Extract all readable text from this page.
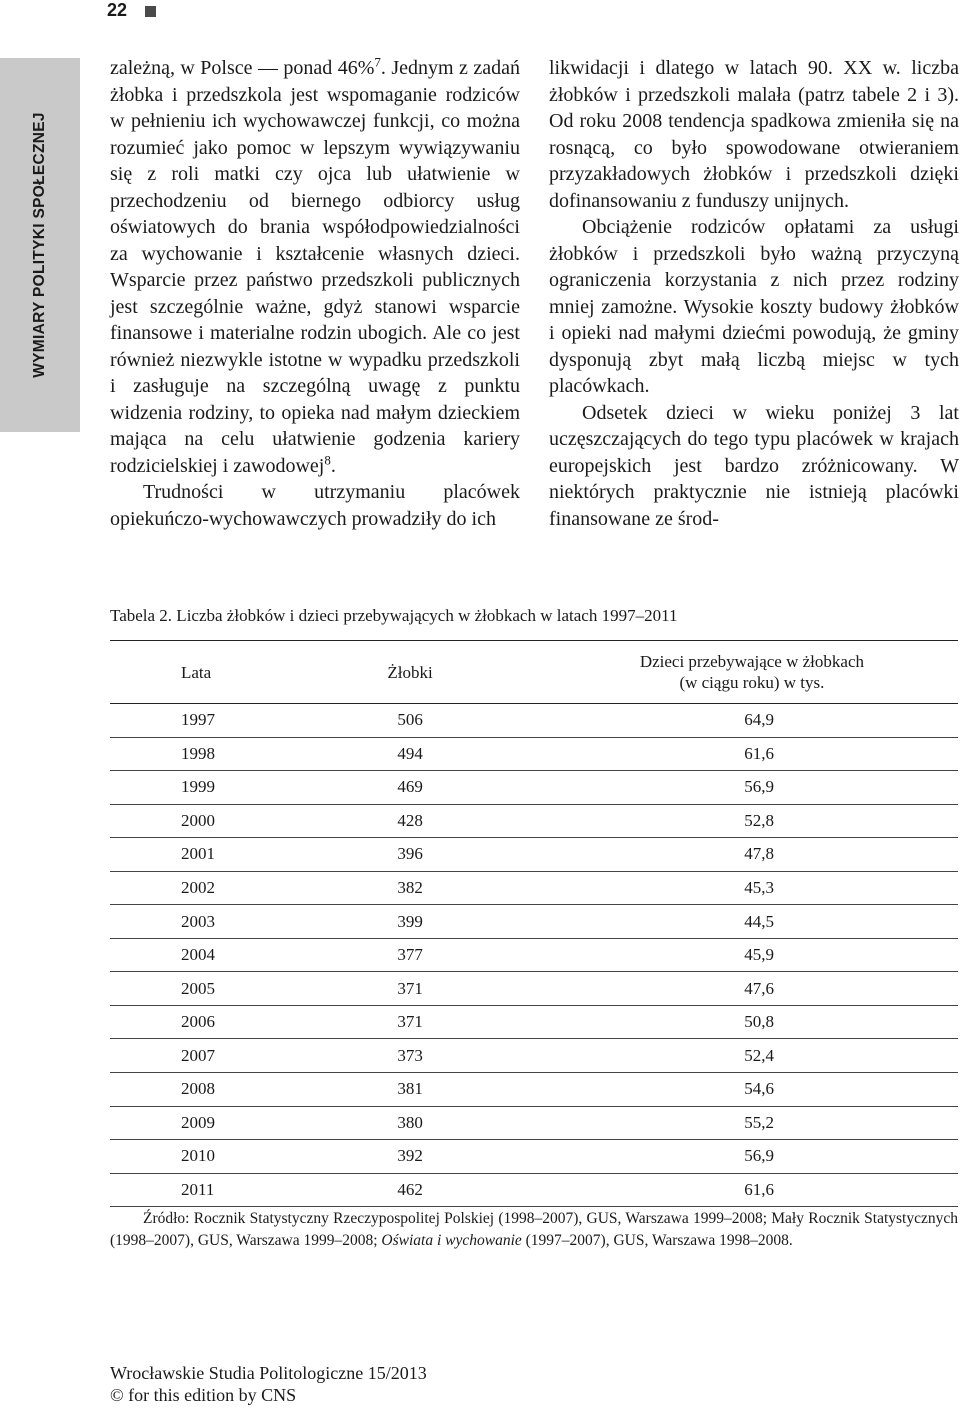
22
WYMIARY POLITYKI SPOŁECZNEJ

zależną, w Polsce — ponad 46%$^7$. Jednym z zadań żłobka i przedszkola jest wspomaganie rodziców w pełnieniu ich wychowawczej funkcji, co można rozumieć jako pomoc w lepszym wywiązywaniu się z roli matki czy ojca lub ułatwienie w przechodzeniu od biernego odbiorcy usług oświatowych do brania współodpowiedzialności za wychowanie i kształcenie własnych dzieci. Wsparcie przez państwo przedszkoli publicznych jest szczególnie ważne, gdyż stanowi wsparcie finansowe i materialne rodzin ubogich. Ale co jest również niezwykle istotne w wypadku przedszkoli i zasługuje na szczególną uwagę z punktu widzenia rodziny, to opieka nad małym dzieckiem mająca na celu ułatwienie godzenia kariery rodzicielskiej i zawodowej$^8$.

Trudności w utrzymaniu placówek opiekuńczo-wychowawczych prowadziły do ich

likwidacji i dlatego w latach 90. XX w. liczba żłobków i przedszkoli malała (patrz tabele 2 i 3). Od roku 2008 tendencja spadkowa zmieniła się na rosnącą, co było spowodowane otwieraniem przyzakładowych żłobków i przedszkoli dzięki dofinansowaniu z funduszy unijnych.

Obciążenie rodziców opłatami za usługi żłobków i przedszkoli było ważną przyczyną ograniczenia korzystania z nich przez rodziny mniej zamożne. Wysokie koszty budowy żłobków i opieki nad małymi dziećmi powodują, że gminy dysponują zbyt małą liczbą miejsc w tych placówkach.

Odsetek dzieci w wieku poniżej 3 lat uczęszczających do tego typu placówek w krajach europejskich jest bardzo zróżnicowany. W niektórych praktycznie nie istnieją placówki finansowane ze środ-

Tabela 2. Liczba żłobków i dzieci przebywających w żłobkach w latach 1997–2011
Lata	Żłobki	Dzieci przebywające w żłobkach
(w ciągu roku) w tys.
1997	506	64,9
1998	494	61,6
1999	469	56,9
2000	428	52,8
2001	396	47,8
2002	382	45,3
2003	399	44,5
2004	377	45,9
2005	371	47,6
2006	371	50,8
2007	373	52,4
2008	381	54,6
2009	380	55,2
2010	392	56,9
2011	462	61,6
Źródło: Rocznik Statystyczny Rzeczypospolitej Polskiej (1998–2007), GUS, Warszawa 1999–2008; Mały Rocznik Statystycznych (1998–2007), GUS, Warszawa 1999–2008; Oświata i wychowanie (1997–2007), GUS, Warszawa 1998–2008.
Wrocławskie Studia Politologiczne 15/2013
© for this edition by CNS
